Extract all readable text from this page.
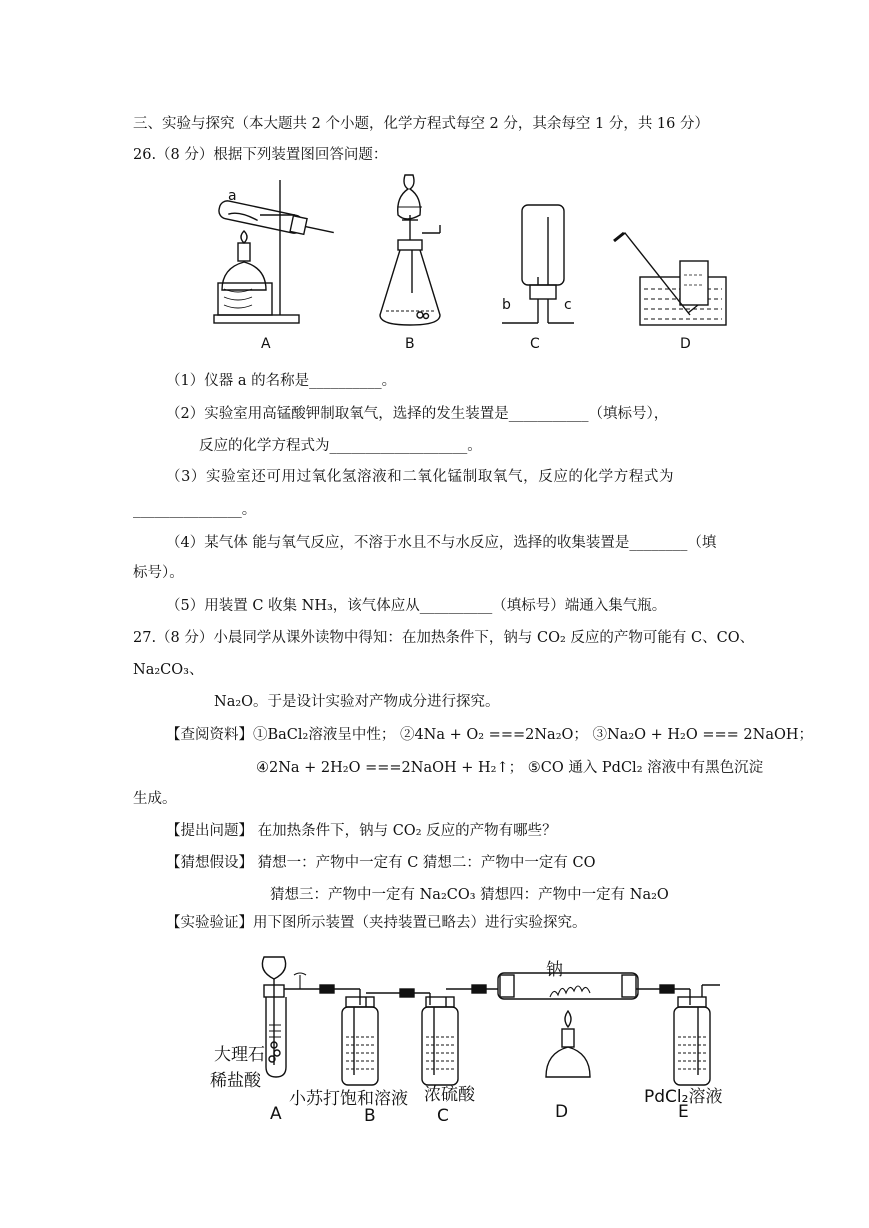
三、实验与探究（本大题共 2 个小题，化学方程式每空 2 分，其余每空 1 分，共 16 分）
26.（8 分）根据下列装置图回答问题：
a
b	c
A	B	C	D
（1）仪器 a 的名称是__________。
（2）实验室用高锰酸钾制取氧气，选择的发生装置是___________（填标号），
反应的化学方程式为___________________。
（3）实验室还可用过氧化氢溶液和二氧化锰制取氧气，反应的化学方程式为
_______________。
（4）某气体 能与氧气反应，不溶于水且不与水反应，选择的收集装置是________（填
标号）。
（5）用装置 C 收集 NH₃，该气体应从__________（填标号）端通入集气瓶。
27.（8 分）小晨同学从课外读物中得知：在加热条件下，钠与 CO₂ 反应的产物可能有 C、CO、
Na₂CO₃、
Na₂O。于是设计实验对产物成分进行探究。
【查阅资料】①BaCl₂溶液呈中性； ②4Na + O₂ ===2Na₂O； ③Na₂O + H₂O === 2NaOH；
④2Na + 2H₂O ===2NaOH + H₂↑； ⑤CO 通入 PdCl₂ 溶液中有黑色沉淀
生成。
【提出问题】 在加热条件下，钠与 CO₂ 反应的产物有哪些？
【猜想假设】 猜想一：产物中一定有 C 猜想二：产物中一定有 CO
猜想三：产物中一定有 Na₂CO₃ 猜想四：产物中一定有 Na₂O
【实验验证】用下图所示装置（夹持装置已略去）进行实验探究。
钠
大理石
稀盐酸
小苏打饱和溶液 浓硫酸	PdCl₂溶液
A	B	C	D	E
